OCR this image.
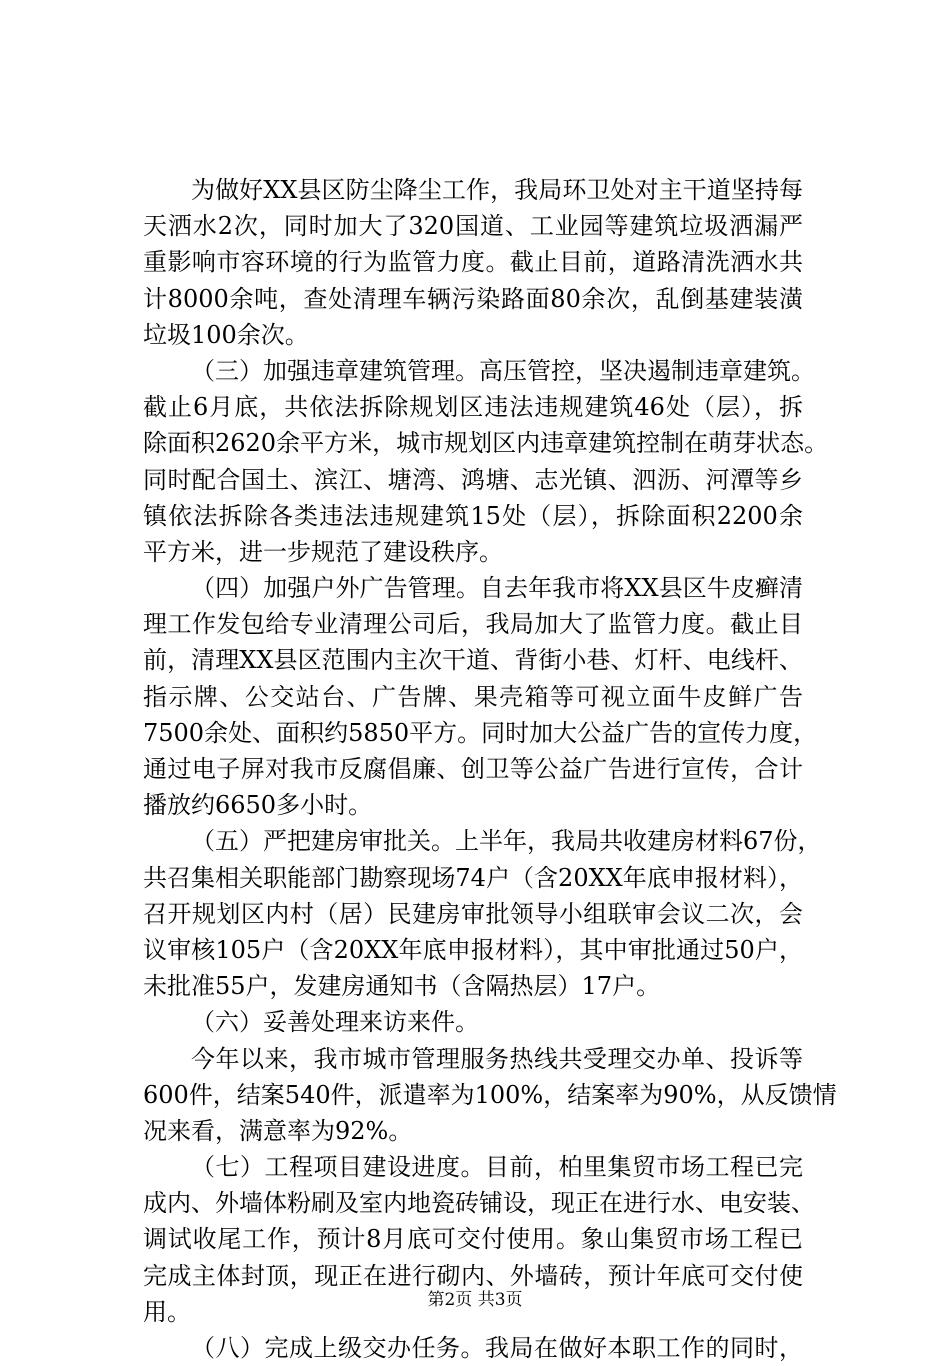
为做好XX县区防尘降尘工作，我局环卫处对主干道坚持每
天洒水2次，同时加大了320国道、工业园等建筑垃圾洒漏严
重影响市容环境的行为监管力度。截止目前，道路清洗洒水共
计8000余吨，查处清理车辆污染路面80余次，乱倒基建装潢
垃圾100余次。
（三）加强违章建筑管理。高压管控，坚决遏制违章建筑。
截止6月底，共依法拆除规划区违法违规建筑46处（层），拆
除面积2620余平方米，城市规划区内违章建筑控制在萌芽状态。
同时配合国土、滨江、塘湾、鸿塘、志光镇、泗沥、河潭等乡
镇依法拆除各类违法违规建筑15处（层），拆除面积2200余
平方米，进一步规范了建设秩序。
（四）加强户外广告管理。自去年我市将XX县区牛皮癣清
理工作发包给专业清理公司后，我局加大了监管力度。截止目
前，清理XX县区范围内主次干道、背街小巷、灯杆、电线杆、
指示牌、公交站台、广告牌、果壳箱等可视立面牛皮鲜广告
7500余处、面积约5850平方。同时加大公益广告的宣传力度，
通过电子屏对我市反腐倡廉、创卫等公益广告进行宣传，合计
播放约6650多小时。
（五）严把建房审批关。上半年，我局共收建房材料67份，
共召集相关职能部门勘察现场74户（含20XX年底申报材料），
召开规划区内村（居）民建房审批领导小组联审会议二次，会
议审核105户（含20XX年底申报材料），其中审批通过50户，
未批准55户，发建房通知书（含隔热层）17户。
（六）妥善处理来访来件。
今年以来，我市城市管理服务热线共受理交办单、投诉等
600件，结案540件，派遣率为100%，结案率为90%，从反馈情
况来看，满意率为92%。
（七）工程项目建设进度。目前，柏里集贸市场工程已完
成内、外墙体粉刷及室内地瓷砖铺设，现正在进行水、电安装、
调试收尾工作，预计8月底可交付使用。象山集贸市场工程已
完成主体封顶，现正在进行砌内、外墙砖，预计年底可交付使
用。
（八）完成上级交办任务。我局在做好本职工作的同时，
第2页 共3页
